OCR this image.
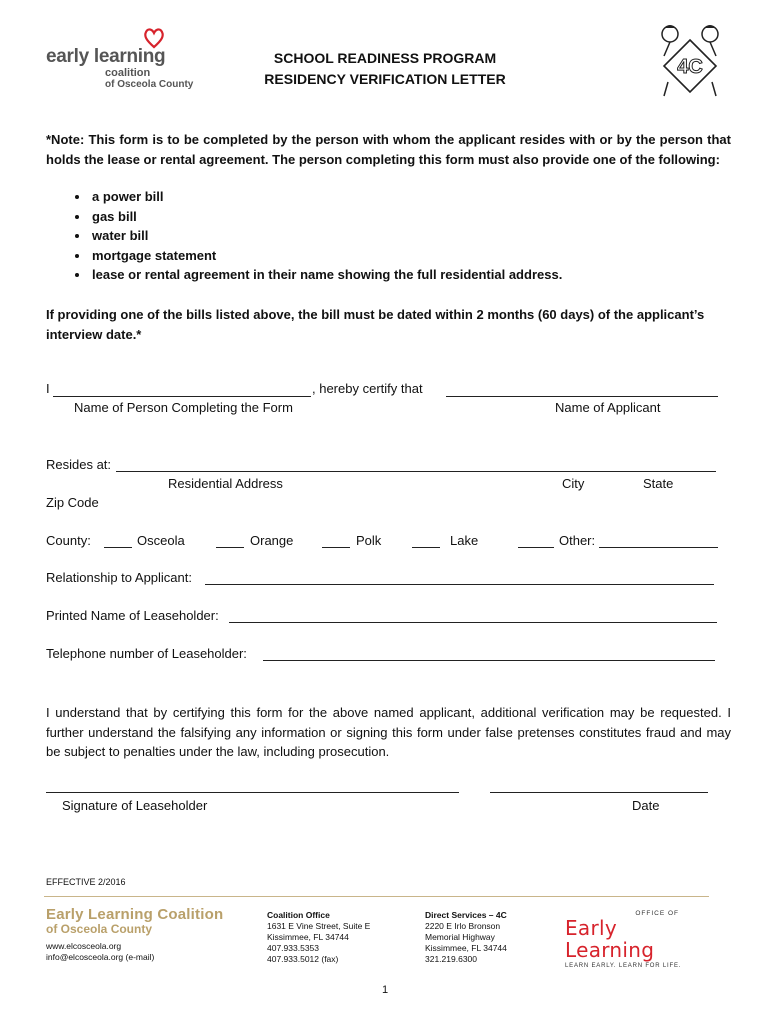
early learning
coalition
of Osceola County
SCHOOL READINESS PROGRAM
RESIDENCY VERIFICATION LETTER
4C
*Note: This form is to be completed by the person with whom the applicant resides with or by the person that holds the lease or rental agreement. The person completing this form must also provide one of the following:
• a power bill
• gas bill
• water bill
• mortgage statement
• lease or rental agreement in their name showing the full residential address.
If providing one of the bills listed above, the bill must be dated within 2 months (60 days) of the applicant’s interview date.*
I	, hereby certify that
Name of Person Completing the Form	Name of Applicant
Resides at:
Residential Address	City	State
Zip Code
County:	Osceola	Orange	Polk	Lake	Other:
Relationship to Applicant:
Printed Name of Leaseholder:
Telephone number of Leaseholder:
I understand that by certifying this form for the above named applicant, additional verification may be requested. I further understand the falsifying any information or signing this form under false pretenses constitutes fraud and may be subject to penalties under the law, including prosecution.
Signature of Leaseholder	Date
EFFECTIVE 2/2016
Early Learning Coalition
of Osceola County
www.elcosceola.org
info@elcosceola.org (e-mail)
Coalition Office
1631 E Vine Street, Suite E
Kissimmee, FL 34744
407.933.5353
407.933.5012 (fax)
Direct Services – 4C
2220 E Irlo Bronson
Memorial Highway
Kissimmee, FL 34744
321.219.6300
OFFICE OF
Early Learning
LEARN EARLY. LEARN FOR LIFE.
1
